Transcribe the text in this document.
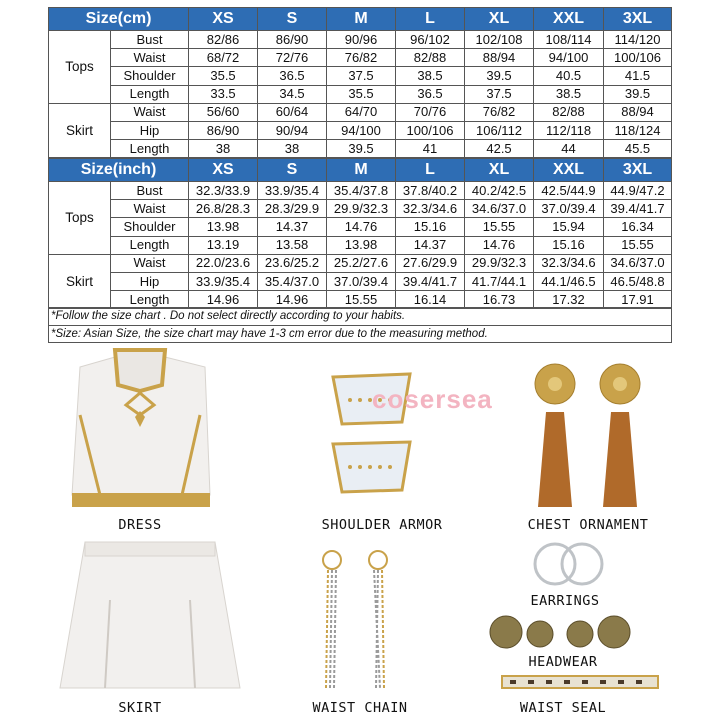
Size(cm)		XS	S	M	L	XL	XXL	3XL
Tops	Bust	82/86	86/90	90/96	96/102	102/108	108/114	114/120
	Waist	68/72	72/76	76/82	82/88	88/94	94/100	100/106
	Shoulder	35.5	36.5	37.5	38.5	39.5	40.5	41.5
	Length	33.5	34.5	35.5	36.5	37.5	38.5	39.5
Skirt	Waist	56/60	60/64	64/70	70/76	76/82	82/88	88/94
	Hip	86/90	90/94	94/100	100/106	106/112	112/118	118/124
	Length	38	38	39.5	41	42.5	44	45.5
Size(inch)		XS	S	M	L	XL	XXL	3XL
Tops	Bust	32.3/33.9	33.9/35.4	35.4/37.8	37.8/40.2	40.2/42.5	42.5/44.9	44.9/47.2
	Waist	26.8/28.3	28.3/29.9	29.9/32.3	32.3/34.6	34.6/37.0	37.0/39.4	39.4/41.7
	Shoulder	13.98	14.37	14.76	15.16	15.55	15.94	16.34
	Length	13.19	13.58	13.98	14.37	14.76	15.16	15.55
Skirt	Waist	22.0/23.6	23.6/25.2	25.2/27.6	27.6/29.9	29.9/32.3	32.3/34.6	34.6/37.0
	Hip	33.9/35.4	35.4/37.0	37.0/39.4	39.4/41.7	41.7/44.1	44.1/46.5	46.5/48.8
	Length	14.96	14.96	15.55	16.14	16.73	17.32	17.91
*Follow the size chart . Do not select directly according to your habits.
*Size: Asian Size, the size chart may have 1-3 cm error due to the measuring method.
cosersea
DRESS	SHOULDER ARMOR	CHEST ORNAMENT
EARRINGS
HEADWEAR
SKIRT	WAIST CHAIN	WAIST SEAL
